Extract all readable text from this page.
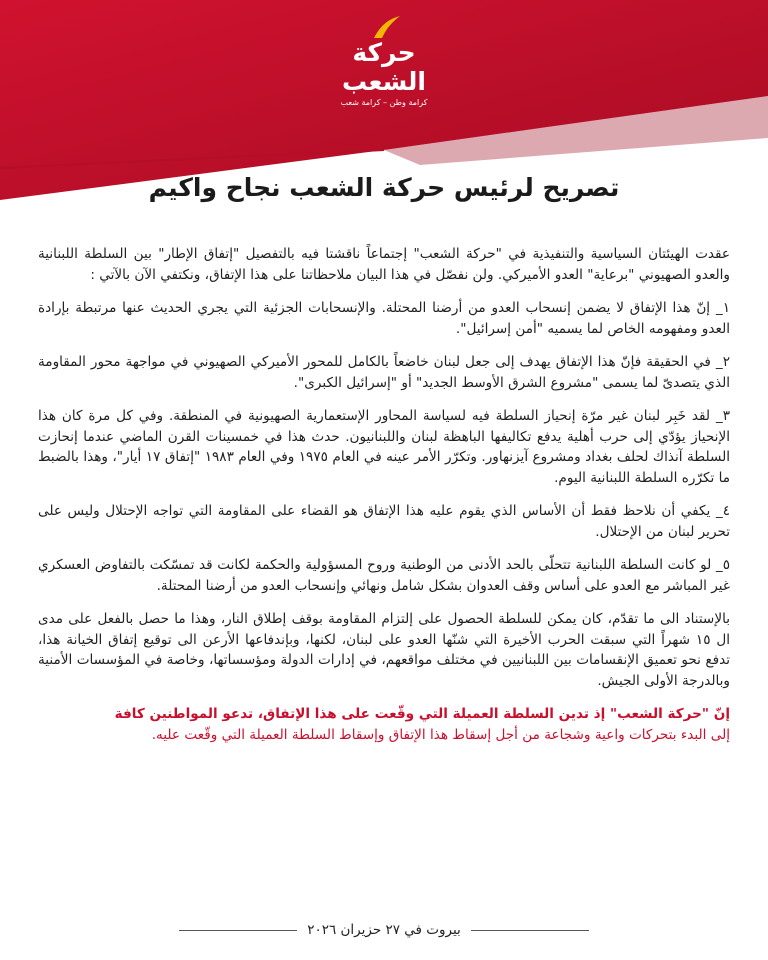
حركة
الشعب
كرامة وطن – كرامة شعب
تصريح لرئيس حركة الشعب نجاح واكيم

عقدت الهيئتان السياسية والتنفيذية في "حركة الشعب" إجتماعاً ناقشتا فيه بالتفصيل "إتفاق الإطار" بين السلطة اللبنانية والعدو الصهيوني "برعاية" العدو الأميركي. ولن نفصّل في هذا البيان ملاحظاتنا على هذا الإتفاق، ونكتفي الآن بالآتي :

١_ إنّ هذا الإتفاق لا يضمن إنسحاب العدو من أرضنا المحتلة. والإنسحابات الجزئية التي يجري الحديث عنها مرتبطة بإرادة العدو ومفهومه الخاص لما يسميه "أمن إسرائيل".

٢_ في الحقيقة فإنّ هذا الإتفاق يهدف إلى جعل لبنان خاضعاً بالكامل للمحور الأميركي الصهيوني في مواجهة محور المقاومة الذي يتصدىّ لما يسمى "مشروع الشرق الأوسط الجديد" أو "إسرائيل الكبرى".

٣_ لقد خَبِر لبنان غير مرّة إنحياز السلطة فيه لسياسة المحاور الإستعمارية الصهيونية في المنطقة. وفي كل مرة كان هذا الإنحياز يؤدّي إلى حرب أهلية يدفع تكاليفها الباهظة لبنان واللبنانيون. حدث هذا في خمسينات القرن الماضي عندما إنحازت السلطة آنذاك لحلف بغداد ومشروع آيزنهاور. وتكرّر الأمر عينه في العام ١٩٧٥ وفي العام ١٩٨٣ "إتفاق ١٧ أيار"، وهذا بالضبط ما تكرّره السلطة اللبنانية اليوم.

٤_ يكفي أن نلاحظ فقط أن الأساس الذي يقوم عليه هذا الإتفاق هو القضاء على المقاومة التي تواجه الإحتلال وليس على تحرير لبنان من الإحتلال.

٥_ لو كانت السلطة اللبنانية تتحلّى بالحد الأدنى من الوطنية وروح المسؤولية والحكمة لكانت قد تمسّكت بالتفاوض العسكري غير المباشر مع العدو على أساس وقف العدوان بشكل شامل ونهائي وإنسحاب العدو من أرضنا المحتلة.

بالإستناد الى ما تقدّم، كان يمكن للسلطة الحصول على إلتزام المقاومة بوقف إطلاق النار، وهذا ما حصل بالفعل على مدى ال ١٥ شهراً التي سبقت الحرب الأخيرة التي شنّها العدو على لبنان، لكنها، وبإندفاعها الأرعن الى توقيع إتفاق الخيانة هذا، تدفع نحو تعميق الإنقسامات بين اللبنانيين في مختلف مواقعهم، في إدارات الدولة ومؤسساتها، وخاصة في المؤسسات الأمنية وبالدرجة الأولى الجيش.

إنّ "حركة الشعب" إذ تدين السلطة العميلة التي وقّعت على هذا الإتفاق، تدعو المواطنين كافة

إلى البدء بتحركات واعية وشجاعة من أجل إسقاط هذا الإتفاق وإسقاط السلطة العميلة التي وقّعت عليه.

بيروت في ٢٧ حزيران ٢٠٢٦
